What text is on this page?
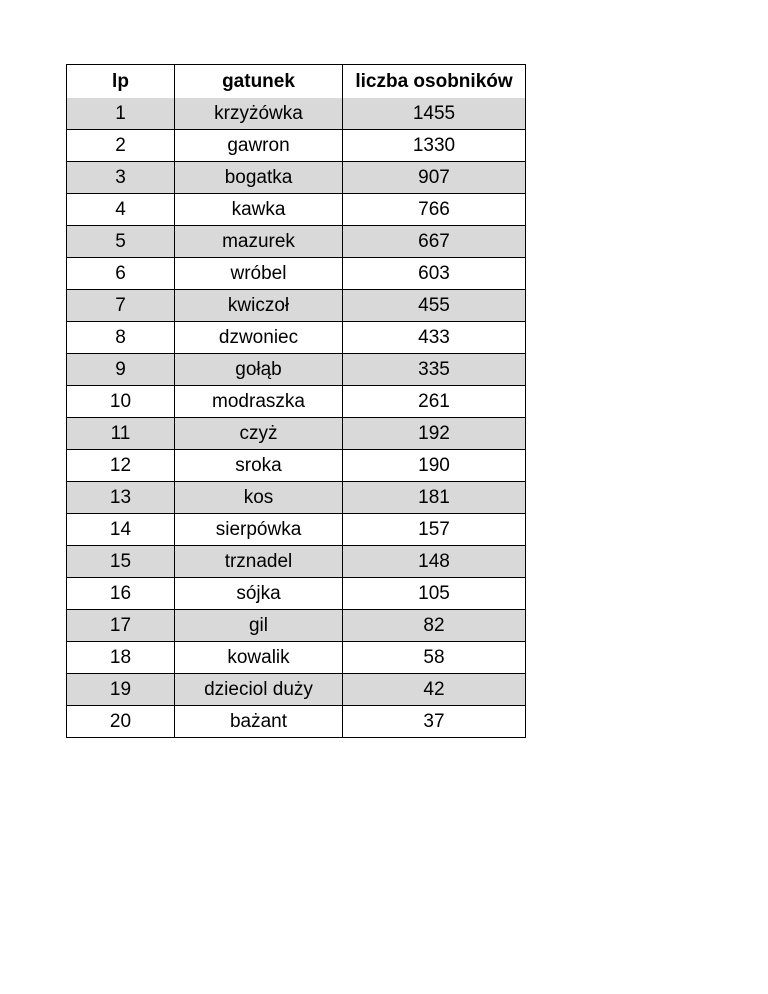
lp	gatunek	liczba osobników
1	krzyżówka	1455
2	gawron	1330
3	bogatka	907
4	kawka	766
5	mazurek	667
6	wróbel	603
7	kwiczoł	455
8	dzwoniec	433
9	gołąb	335
10	modraszka	261
11	czyż	192
12	sroka	190
13	kos	181
14	sierpówka	157
15	trznadel	148
16	sójka	105
17	gil	82
18	kowalik	58
19	dzieciol duży	42
20	bażant	37
